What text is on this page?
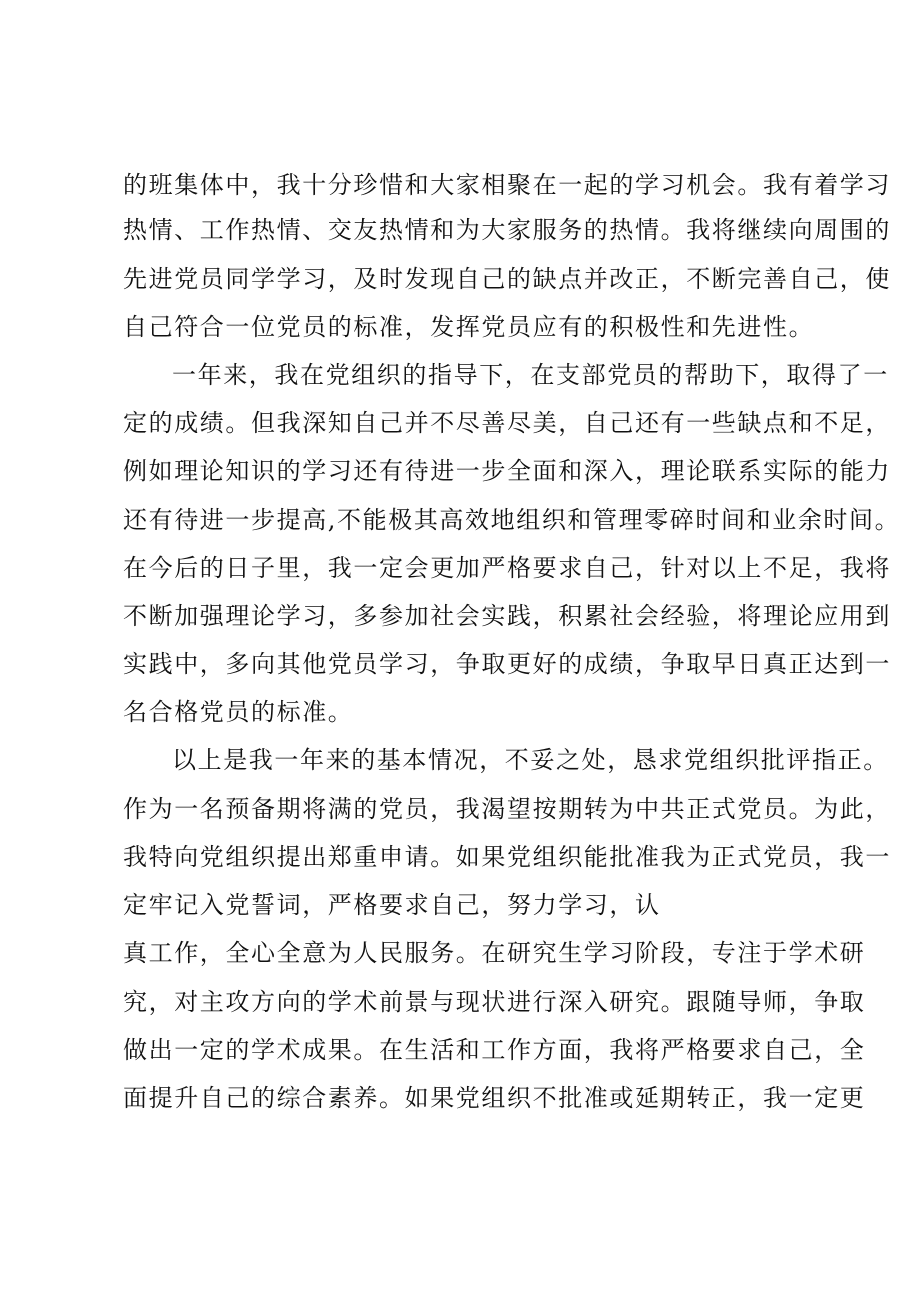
的班集体中，我十分珍惜和大家相聚在一起的学习机会。我有着学习
热情、工作热情、交友热情和为大家服务的热情。我将继续向周围的
先进党员同学学习，及时发现自己的缺点并改正，不断完善自己，使
自己符合一位党员的标准，发挥党员应有的积极性和先进性。
一年来，我在党组织的指导下，在支部党员的帮助下，取得了一
定的成绩。但我深知自己并不尽善尽美，自己还有一些缺点和不足，
例如理论知识的学习还有待进一步全面和深入，理论联系实际的能力
还有待进一步提高,不能极其高效地组织和管理零碎时间和业余时间。
在今后的日子里，我一定会更加严格要求自己，针对以上不足，我将
不断加强理论学习，多参加社会实践，积累社会经验，将理论应用到
实践中，多向其他党员学习，争取更好的成绩，争取早日真正达到一
名合格党员的标准。
以上是我一年来的基本情况，不妥之处，恳求党组织批评指正。
作为一名预备期将满的党员，我渴望按期转为中共正式党员。为此，
我特向党组织提出郑重申请。如果党组织能批准我为正式党员，我一
定牢记入党誓词，严格要求自己，努力学习，认
真工作，全心全意为人民服务。在研究生学习阶段，专注于学术研
究，对主攻方向的学术前景与现状进行深入研究。跟随导师，争取
做出一定的学术成果。在生活和工作方面，我将严格要求自己，全
面提升自己的综合素养。如果党组织不批准或延期转正，我一定更
